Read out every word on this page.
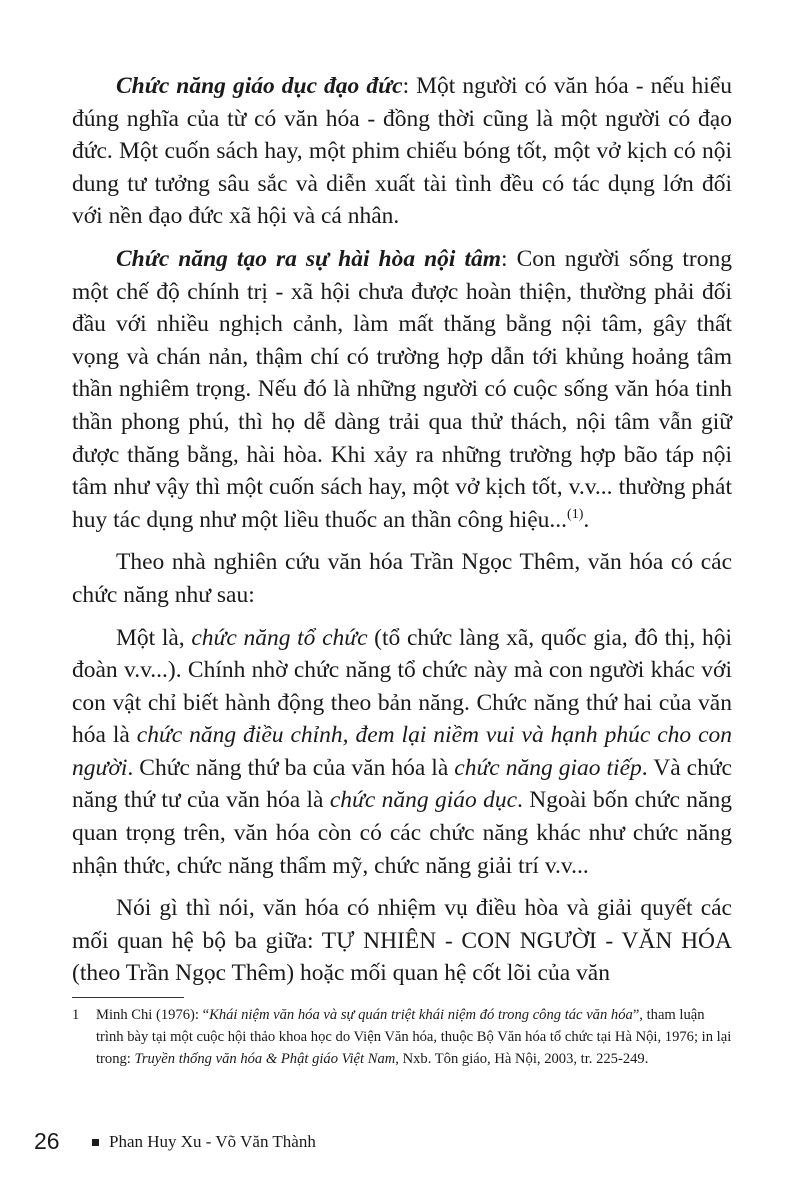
Chức năng giáo dục đạo đức: Một người có văn hóa - nếu hiểu đúng nghĩa của từ có văn hóa - đồng thời cũng là một người có đạo đức. Một cuốn sách hay, một phim chiếu bóng tốt, một vở kịch có nội dung tư tưởng sâu sắc và diễn xuất tài tình đều có tác dụng lớn đối với nền đạo đức xã hội và cá nhân.

Chức năng tạo ra sự hài hòa nội tâm: Con người sống trong một chế độ chính trị - xã hội chưa được hoàn thiện, thường phải đối đầu với nhiều nghịch cảnh, làm mất thăng bằng nội tâm, gây thất vọng và chán nản, thậm chí có trường hợp dẫn tới khủng hoảng tâm thần nghiêm trọng. Nếu đó là những người có cuộc sống văn hóa tinh thần phong phú, thì họ dễ dàng trải qua thử thách, nội tâm vẫn giữ được thăng bằng, hài hòa. Khi xảy ra những trường hợp bão táp nội tâm như vậy thì một cuốn sách hay, một vở kịch tốt, v.v... thường phát huy tác dụng như một liều thuốc an thần công hiệu...$^{(1)}$.

Theo nhà nghiên cứu văn hóa Trần Ngọc Thêm, văn hóa có các chức năng như sau:

Một là, chức năng tổ chức (tổ chức làng xã, quốc gia, đô thị, hội đoàn v.v...). Chính nhờ chức năng tổ chức này mà con người khác với con vật chỉ biết hành động theo bản năng. Chức năng thứ hai của văn hóa là chức năng điều chỉnh, đem lại niềm vui và hạnh phúc cho con người. Chức năng thứ ba của văn hóa là chức năng giao tiếp. Và chức năng thứ tư của văn hóa là chức năng giáo dục. Ngoài bốn chức năng quan trọng trên, văn hóa còn có các chức năng khác như chức năng nhận thức, chức năng thẩm mỹ, chức năng giải trí v.v...

Nói gì thì nói, văn hóa có nhiệm vụ điều hòa và giải quyết các mối quan hệ bộ ba giữa: TỰ NHIÊN - CON NGƯỜI - VĂN HÓA (theo Trần Ngọc Thêm) hoặc mối quan hệ cốt lõi của văn

1 Minh Chi (1976): “Khái niệm văn hóa và sự quán triệt khái niệm đó trong công tác văn hóa”, tham luận trình bày tại một cuộc hội thảo khoa học do Viện Văn hóa, thuộc Bộ Văn hóa tổ chức tại Hà Nội, 1976; in lại trong: Truyền thống văn hóa & Phật giáo Việt Nam, Nxb. Tôn giáo, Hà Nội, 2003, tr. 225-249.
26	Phan Huy Xu - Võ Văn Thành
